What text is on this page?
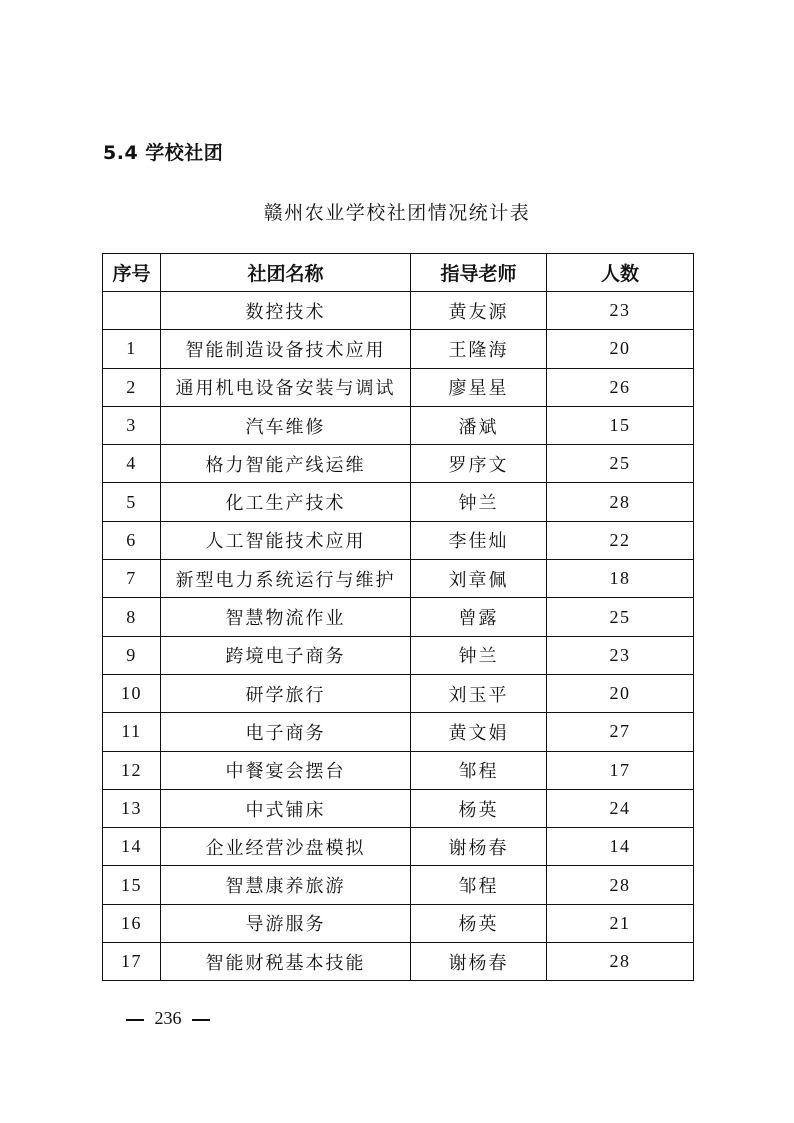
5.4 学校社团
赣州农业学校社团情况统计表
序号	社团名称	指导老师	人数
	数控技术	黄友源	23
1	智能制造设备技术应用	王隆海	20
2	通用机电设备安装与调试	廖星星	26
3	汽车维修	潘斌	15
4	格力智能产线运维	罗序文	25
5	化工生产技术	钟兰	28
6	人工智能技术应用	李佳灿	22
7	新型电力系统运行与维护	刘章佩	18
8	智慧物流作业	曾露	25
9	跨境电子商务	钟兰	23
10	研学旅行	刘玉平	20
11	电子商务	黄文娟	27
12	中餐宴会摆台	邹程	17
13	中式铺床	杨英	24
14	企业经营沙盘模拟	谢杨春	14
15	智慧康养旅游	邹程	28
16	导游服务	杨英	21
17	智能财税基本技能	谢杨春	28
236
